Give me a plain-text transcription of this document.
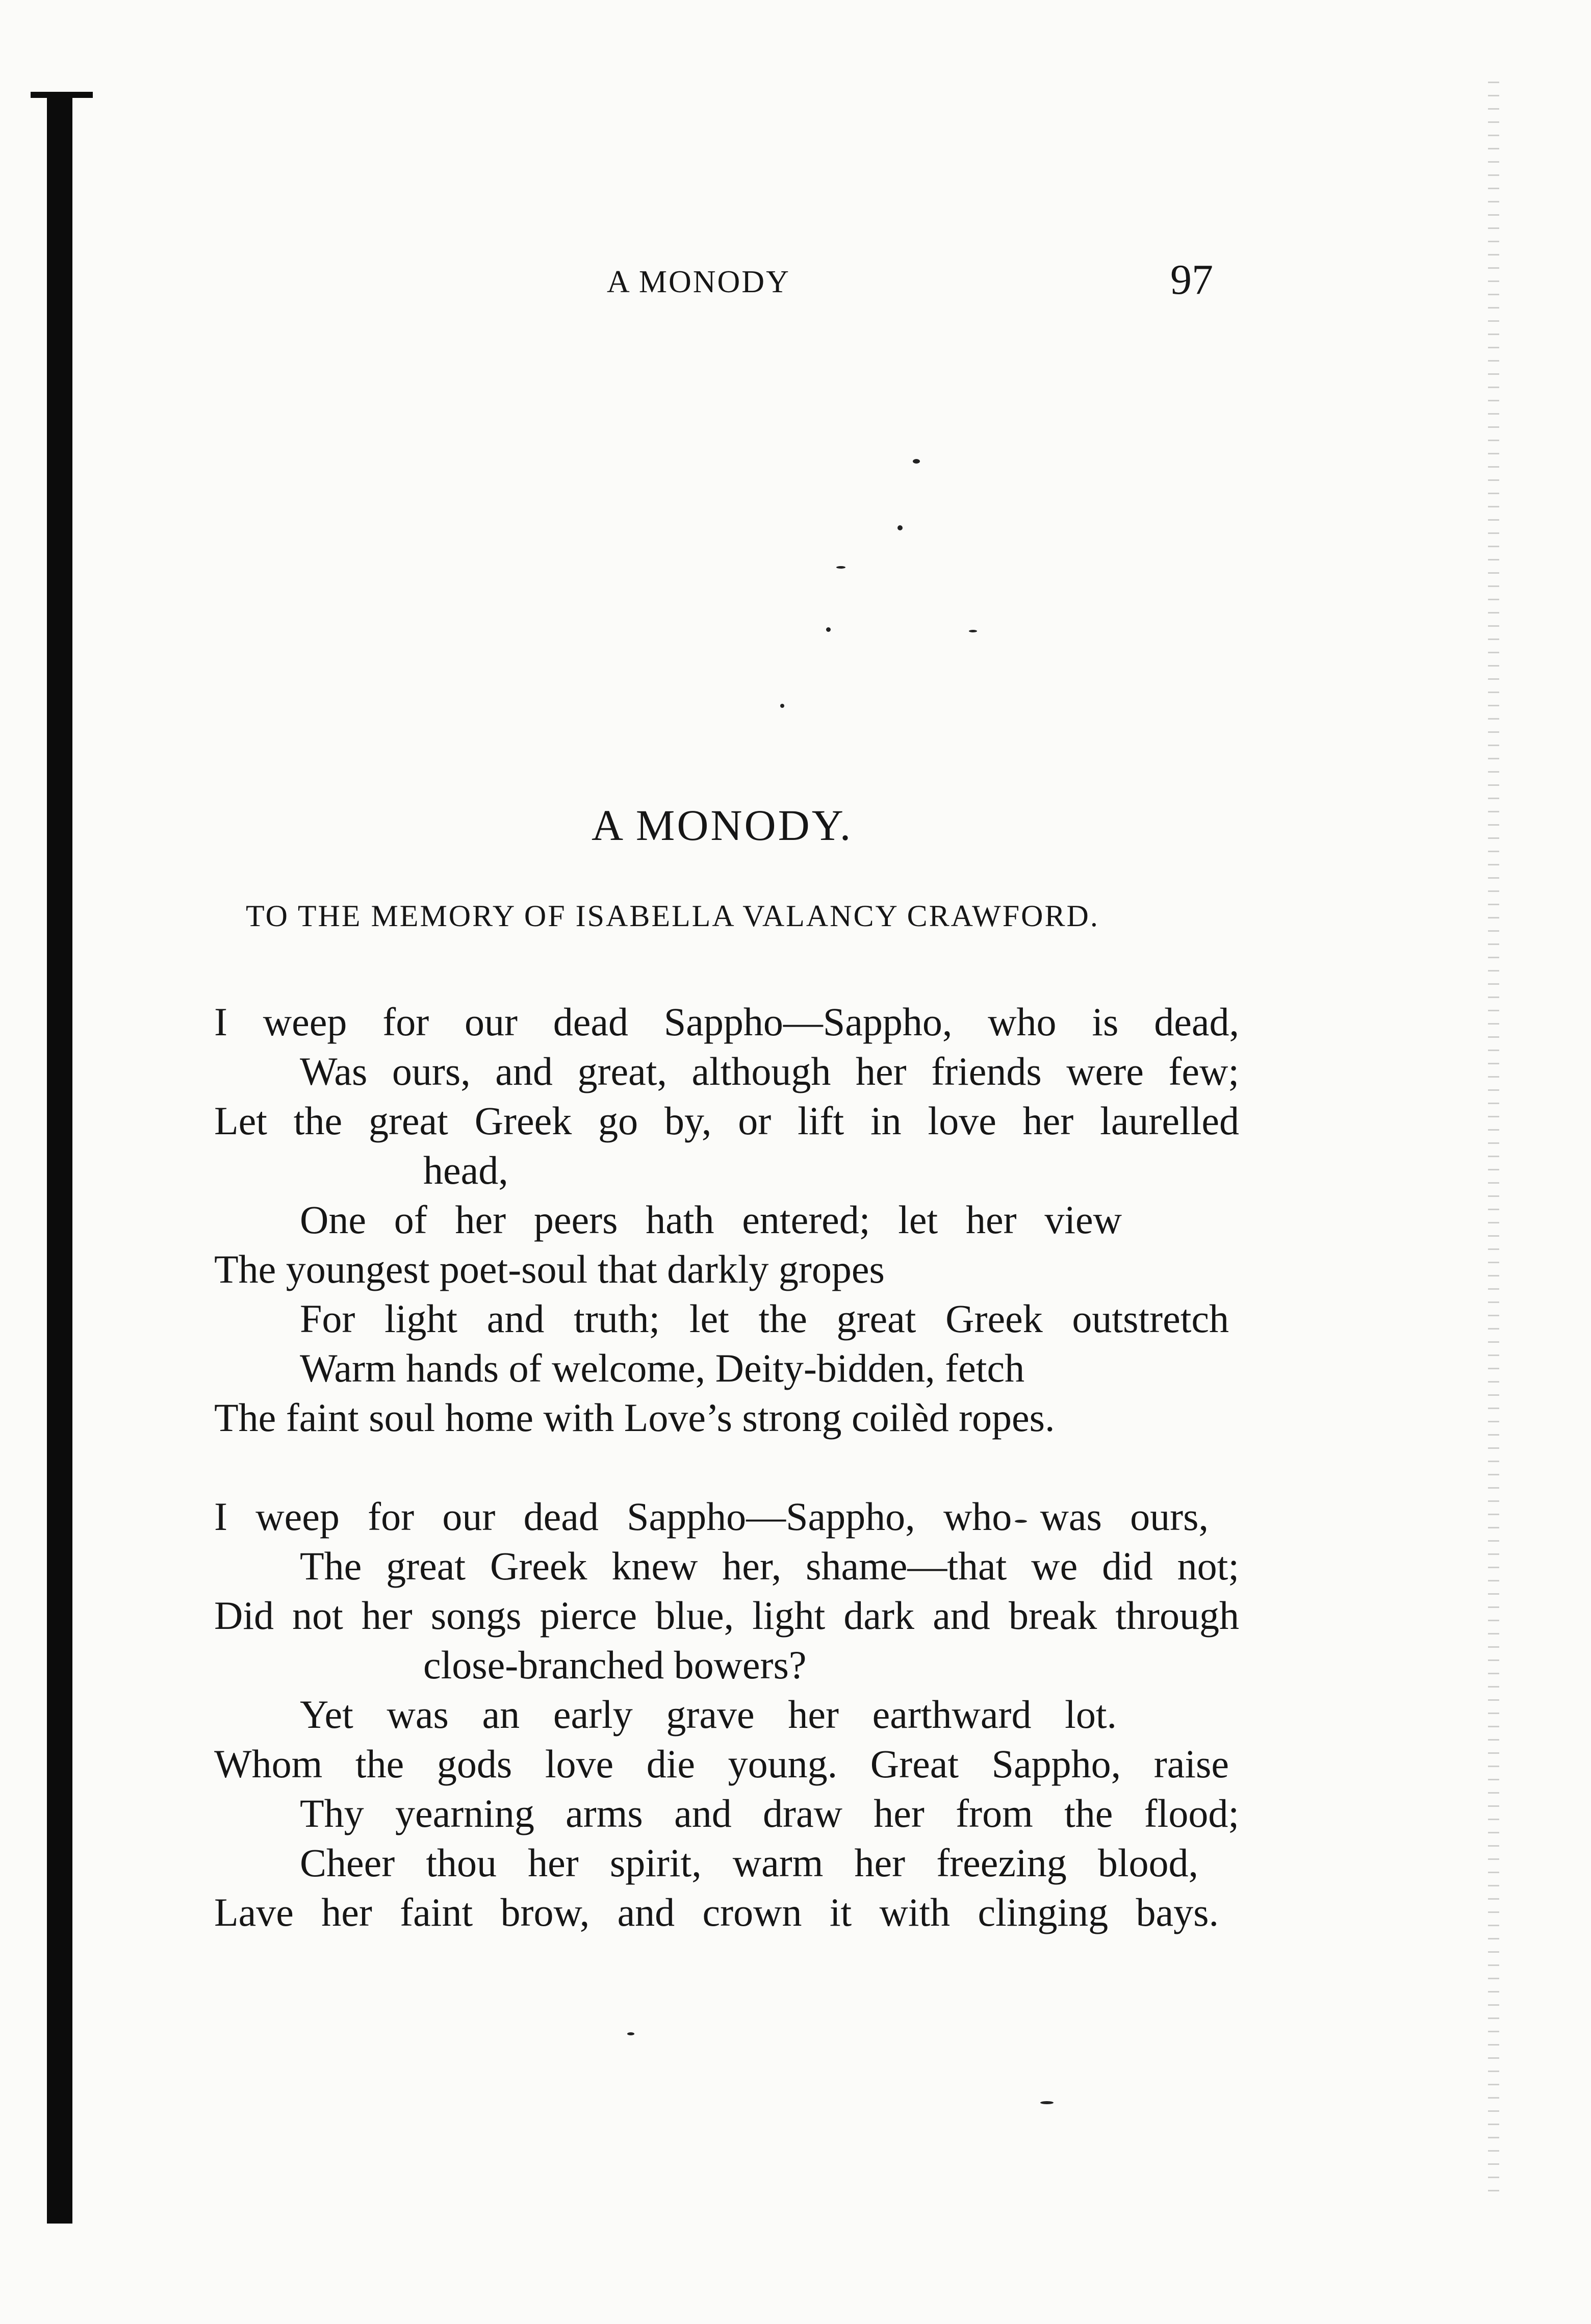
A MONODY	97
A MONODY.
TO THE MEMORY OF ISABELLA VALANCY CRAWFORD.
I weep for our dead Sappho—Sappho, who is dead,
Was ours, and great, although her friends were few;
Let the great Greek go by, or lift in love her laurelled
head,
One of her peers hath entered; let her view
The youngest poet-soul that darkly gropes
For light and truth; let the great Greek outstretch
Warm hands of welcome, Deity-bidden, fetch
The faint soul home with Love’s strong coilèd ropes.
I weep for our dead Sappho—Sappho, who was ours,
The great Greek knew her, shame—that we did not;
Did not her songs pierce blue, light dark and break through
close-branched bowers?
Yet was an early grave her earthward lot.
Whom the gods love die young. Great Sappho, raise
Thy yearning arms and draw her from the flood;
Cheer thou her spirit, warm her freezing blood,
Lave her faint brow, and crown it with clinging bays.
